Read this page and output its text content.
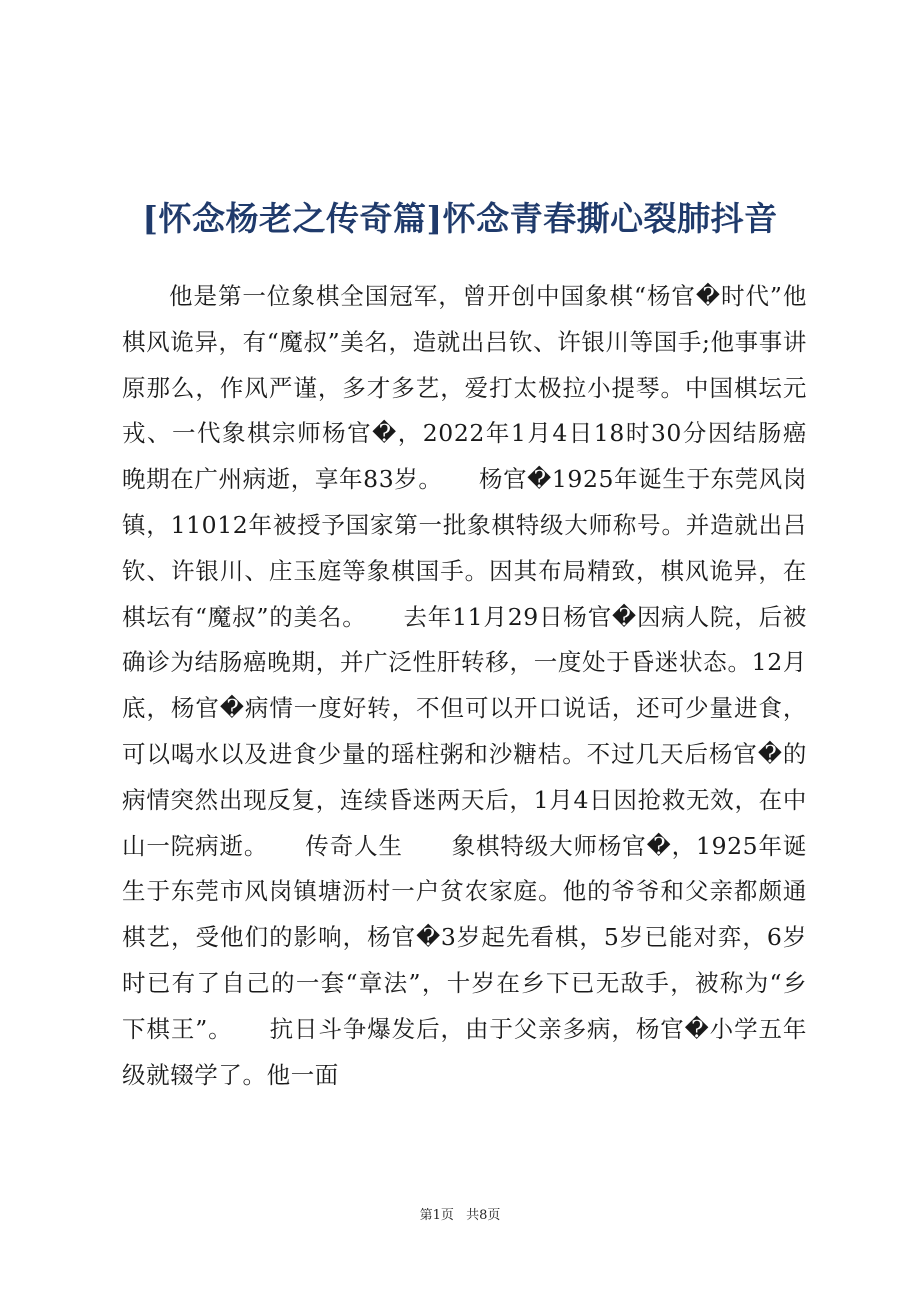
[怀念杨老之传奇篇]怀念青春撕心裂肺抖音
他是第一位象棋全国冠军，曾开创中国象棋“杨官�时代”他棋风诡异，有“魔叔”美名，造就出吕钦、许银川等国手;他事事讲原那么，作风严谨，多才多艺，爱打太极拉小提琴。中国棋坛元戎、一代象棋宗师杨官�，2022年1月4日18时30分因结肠癌晚期在广州病逝，享年83岁。　　杨官�1925年诞生于东莞风岗镇，11012年被授予国家第一批象棋特级大师称号。并造就出吕钦、许银川、庄玉庭等象棋国手。因其布局精致，棋风诡异，在棋坛有“魔叔”的美名。　　去年11月29日杨官�因病人院，后被确诊为结肠癌晚期，并广泛性肝转移，一度处于昏迷状态。12月底，杨官�病情一度好转，不但可以开口说话，还可少量进食，可以喝水以及进食少量的瑶柱粥和沙糖桔。不过几天后杨官�的病情突然出现反复，连续昏迷两天后，1月4日因抢救无效，在中山一院病逝。　　传奇人生　　象棋特级大师杨官�，1925年诞生于东莞市风岗镇塘沥村一户贫农家庭。他的爷爷和父亲都颇通棋艺，受他们的影响，杨官�3岁起先看棋，5岁已能对弈，6岁时已有了自己的一套“章法”，十岁在乡下已无敌手，被称为“乡下棋王”。　　抗日斗争爆发后，由于父亲多病，杨官�小学五年级就辍学了。他一面
第1页 共8页
